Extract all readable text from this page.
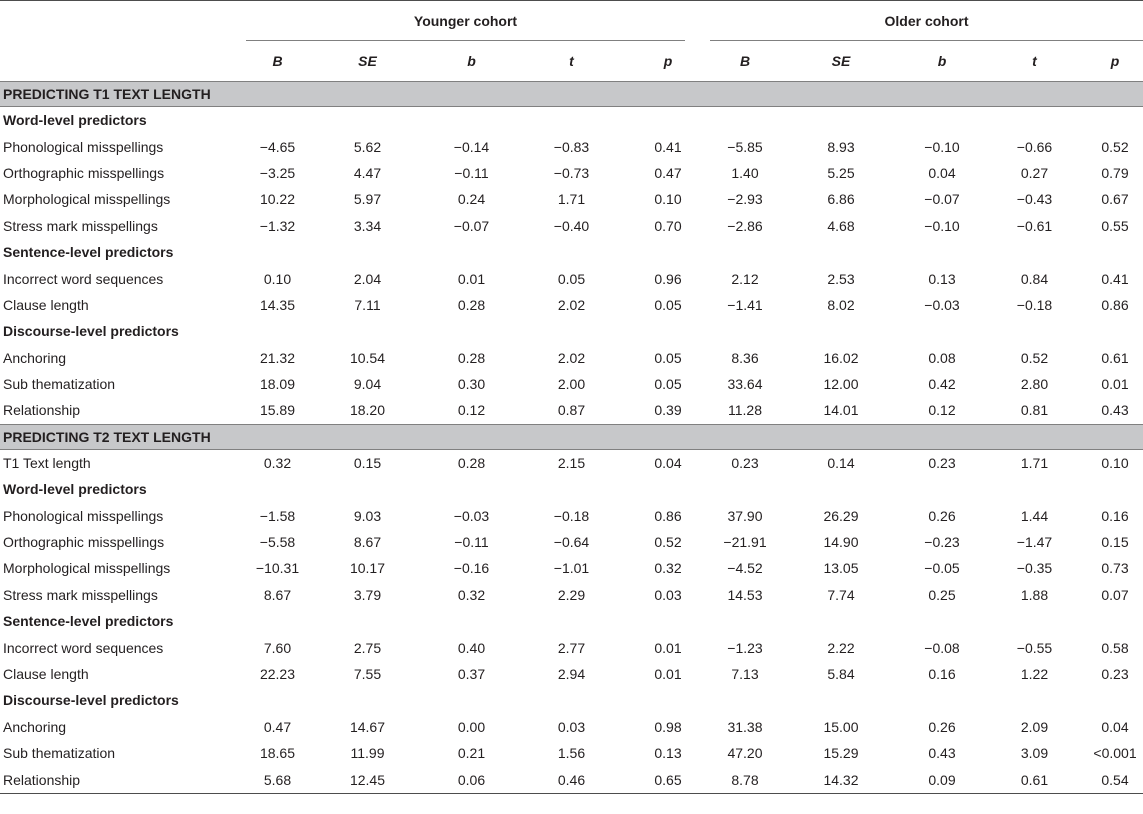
	Younger cohort					Older cohort				

	B	SE	b	t	p	B	SE	b	t	p
PREDICTING T1 TEXT LENGTH										
Word-level predictors										
Phonological misspellings	−4.65	5.62	−0.14	−0.83	0.41	−5.85	8.93	−0.10	−0.66	0.52
Orthographic misspellings	−3.25	4.47	−0.11	−0.73	0.47	1.40	5.25	0.04	0.27	0.79
Morphological misspellings	10.22	5.97	0.24	1.71	0.10	−2.93	6.86	−0.07	−0.43	0.67
Stress mark misspellings	−1.32	3.34	−0.07	−0.40	0.70	−2.86	4.68	−0.10	−0.61	0.55
Sentence-level predictors										
Incorrect word sequences	0.10	2.04	0.01	0.05	0.96	2.12	2.53	0.13	0.84	0.41
Clause length	14.35	7.11	0.28	2.02	0.05	−1.41	8.02	−0.03	−0.18	0.86
Discourse-level predictors										
Anchoring	21.32	10.54	0.28	2.02	0.05	8.36	16.02	0.08	0.52	0.61
Sub thematization	18.09	9.04	0.30	2.00	0.05	33.64	12.00	0.42	2.80	0.01
Relationship	15.89	18.20	0.12	0.87	0.39	11.28	14.01	0.12	0.81	0.43
PREDICTING T2 TEXT LENGTH										
T1 Text length	0.32	0.15	0.28	2.15	0.04	0.23	0.14	0.23	1.71	0.10
Word-level predictors										
Phonological misspellings	−1.58	9.03	−0.03	−0.18	0.86	37.90	26.29	0.26	1.44	0.16
Orthographic misspellings	−5.58	8.67	−0.11	−0.64	0.52	−21.91	14.90	−0.23	−1.47	0.15
Morphological misspellings	−10.31	10.17	−0.16	−1.01	0.32	−4.52	13.05	−0.05	−0.35	0.73
Stress mark misspellings	8.67	3.79	0.32	2.29	0.03	14.53	7.74	0.25	1.88	0.07
Sentence-level predictors										
Incorrect word sequences	7.60	2.75	0.40	2.77	0.01	−1.23	2.22	−0.08	−0.55	0.58
Clause length	22.23	7.55	0.37	2.94	0.01	7.13	5.84	0.16	1.22	0.23
Discourse-level predictors										
Anchoring	0.47	14.67	0.00	0.03	0.98	31.38	15.00	0.26	2.09	0.04
Sub thematization	18.65	11.99	0.21	1.56	0.13	47.20	15.29	0.43	3.09	<0.001
Relationship	5.68	12.45	0.06	0.46	0.65	8.78	14.32	0.09	0.61	0.54
